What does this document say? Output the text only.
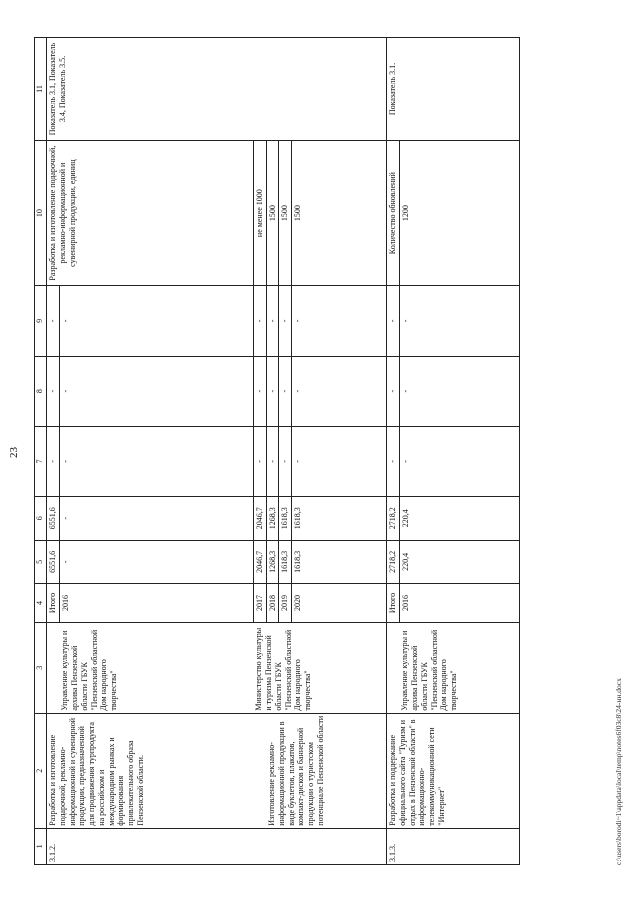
23
1	2	3	4	5	6	7	8	9	10	11
3.1.2.	Разработка и изготовление подарочной, рекламно-информационной и сувенирной продукции, предназначенной для продвижения турпродукта на российском и международном рынках и формирования привлекательного образа Пензенской области.		Итого	6551,6	6551,6	-	-	-	Разработка и изготовление подарочной, рекламно-информационной и сувенирной продукции, единиц	Показатель 3.1, Показатель 3.4, Показатель 3.5.
		Управление культуры и архива Пензенской области ГБУК "Пензенский областной Дом народного творчества"	2016	-	-	-	-	-		
		Министерство культуры и туризма Пензенской области ГБУК "Пензенский областной Дом народного творчества"	2017	2046,7	2046,7	-	-	-	не менее 1000	
	Изготовление рекламно-информационной продукции в виде буклетов, плакатов, компакт-дисков и баннерной продукции о туристском потенциале Пензенской области		2018	1268,3	1268,3	-	-	-	1500	
			2019	1618,3	1618,3	-	-	-	1500	
			2020	1618,3	1618,3	-	-	-	1500	
3.1.3.	Разработка и поддержание официального сайта "Туризм и отдых в Пензенской области" в информационно-телекоммуникационной сети "Интернет"		Итого	2718,2	2718,2	-	-	-	Количество обновлений	Показатель 3.1.
		Управление культуры и архива Пензенской области ГБУК "Пензенский областной Дом народного творчества"	2016	220,4	220,4	-	-	-	1200	
c:\users\borodi~1\appdata\local\temp\notes6f03c8\24-нн.docx
